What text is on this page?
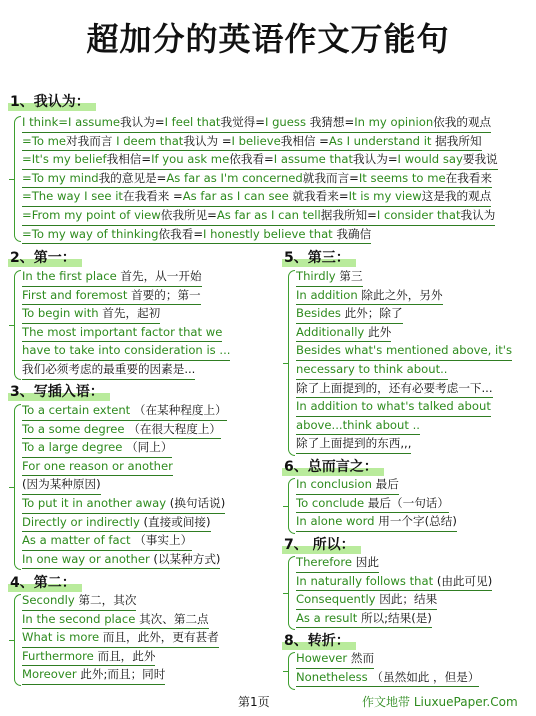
超加分的英语作文万能句
1、我认为：
I think=I assume我认为=I feel that我觉得=I guess 我猜想=In my opinion依我的观点
=To me对我而言 I deem that我认为 =I believe我相信 =As I understand it 据我所知
=It's my belief我相信=If you ask me依我看=I assume that我认为=I would say要我说
=To my mind我的意见是=As far as I'm concerned就我而言=It seems to me在我看来
=The way I see it在我看来 =As far as I can see 就我看来=It is my view这是我的观点
=From my point of view依我所见=As far as I can tell据我所知=I consider that我认为
=To my way of thinking依我看=I honestly believe that 我确信
2、第一：
In the first place 首先，从一开始
First and foremost 首要的；第一
To begin with 首先，起初
The most important factor that we
have to take into consideration is ...
我们必须考虑的最重要的因素是...
3、写插入语：
To a certain extent （在某种程度上）
To a some degree （在很大程度上）
To a large degree （同上）
For one reason or another
(因为某种原因)
To put it in another away (换句话说)
Directly or indirectly (直接或间接)
As a matter of fact （事实上）
In one way or another (以某种方式)
4、第二：
Secondly 第二，其次
In the second place 其次、第二点
What is more 而且，此外，更有甚者
Furthermore 而且，此外
Moreover 此外;而且；同时
5、第三：
Thirdly 第三
In addition 除此之外，另外
Besides 此外；除了
Additionally 此外
Besides what's mentioned above, it's
necessary to think about..
除了上面提到的，还有必要考虑一下...
In addition to what's talked about
above...think about ..
除了上面提到的东西,,,
6、总而言之：
In conclusion 最后
To conclude 最后（一句话）
In alone word 用一个字(总结)
7、 所以：
Therefore 因此
In naturally follows that (由此可见)
Consequently 因此；结果
As a result 所以;结果(是)
8、转折：
However 然而
Nonetheless （虽然如此 ，但是）
第1页	作文地带 LiuxuePaper.Com
